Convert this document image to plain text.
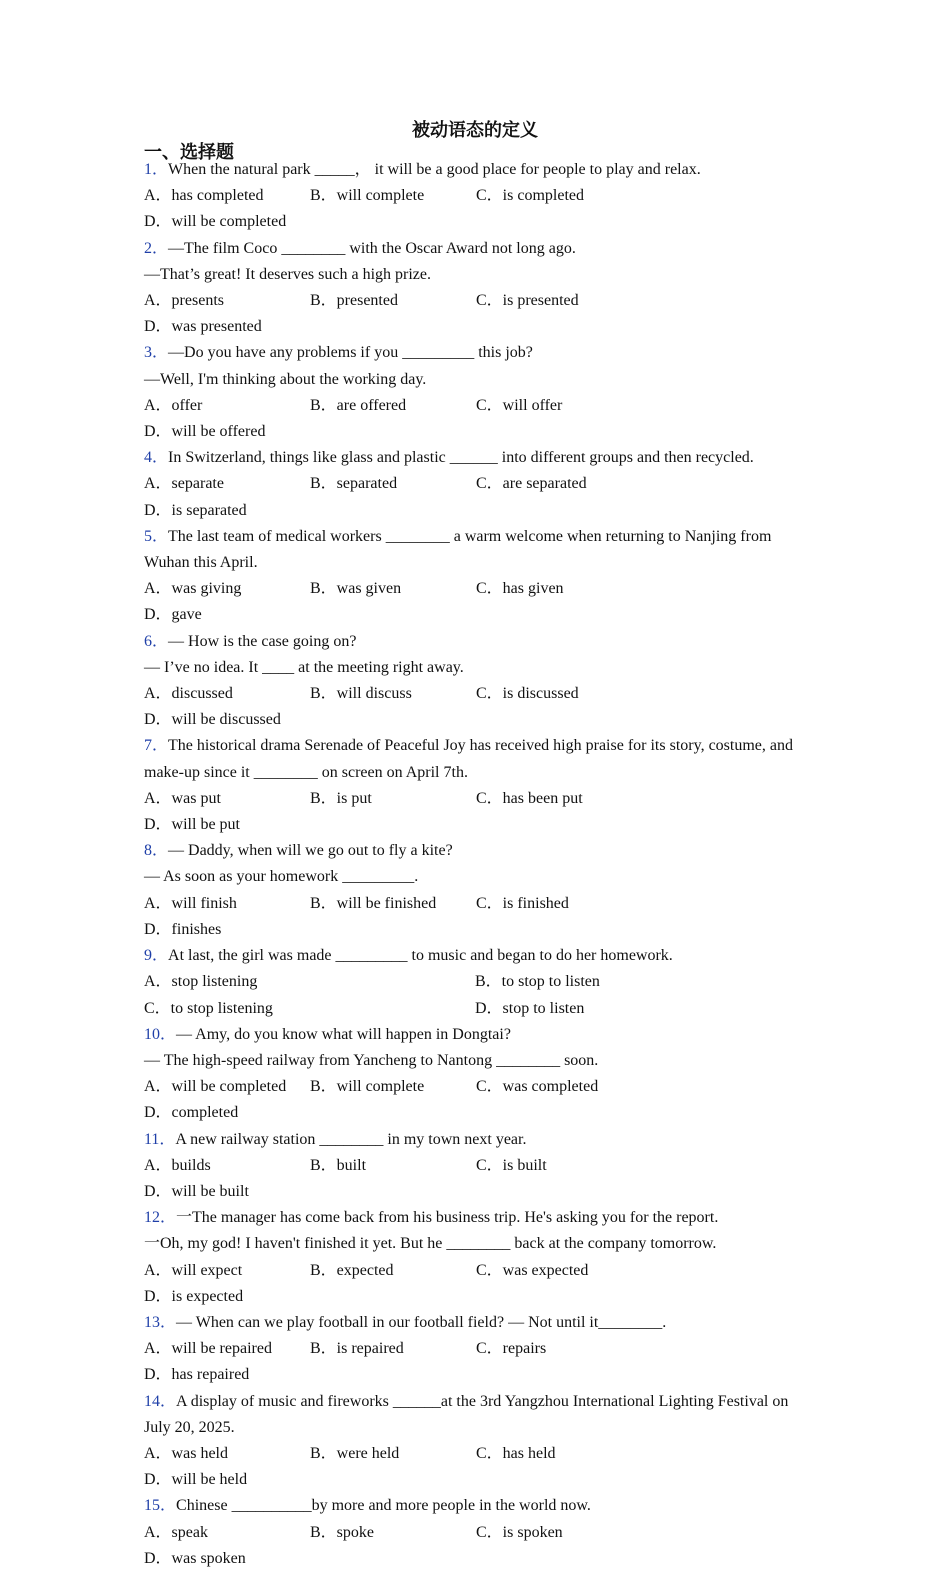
被动语态的定义
一、选择题
1．When the natural park _____， it will be a good place for people to play and relax.
A．has completed	B．will complete	C．is completed
D．will be completed
2．—The film Coco ________ with the Oscar Award not long ago.
—That’s great! It deserves such a high prize.
A．presents	B．presented	C．is presented
D．was presented
3．—Do you have any problems if you _________ this job?
—Well, I'm thinking about the working day.
A．offer	B．are offered	C．will offer
D．will be offered
4．In Switzerland, things like glass and plastic ______ into different groups and then recycled.
A．separate	B．separated	C．are separated
D．is separated
5．The last team of medical workers ________ a warm welcome when returning to Nanjing from Wuhan this April.
A．was giving	B．was given	C．has given
D．gave
6．— How is the case going on?
— I’ve no idea. It ____ at the meeting right away.
A．discussed	B．will discuss	C．is discussed
D．will be discussed
7．The historical drama Serenade of Peaceful Joy has received high praise for its story, costume, and make-up since it ________ on screen on April 7th.
A．was put	B．is put	C．has been put
D．will be put
8．— Daddy, when will we go out to fly a kite?
— As soon as your homework _________.
A．will finish	B．will be finished	C．is finished
D．finishes
9．At last, the girl was made _________ to music and began to do her homework.
A．stop listening	B．to stop to listen
C．to stop listening	D．stop to listen
10．— Amy, do you know what will happen in Dongtai?
— The high-speed railway from Yancheng to Nantong ________ soon.
A．will be completed	B．will complete	C．was completed
D．completed
11．A new railway station ________ in my town next year.
A．builds	B．built	C．is built
D．will be built
12．一The manager has come back from his business trip. He's asking you for the report.
一Oh, my god! I haven't finished it yet. But he ________ back at the company tomorrow.
A．will expect	B．expected	C．was expected
D．is expected
13．— When can we play football in our football field? — Not until it________.
A．will be repaired	B．is repaired	C．repairs
D．has repaired
14．A display of music and fireworks ______at the 3rd Yangzhou International Lighting Festival on July 20, 2025.
A．was held	B．were held	C．has held
D．will be held
15．Chinese __________by more and more people in the world now.
A．speak	B．spoke	C．is spoken
D．was spoken
